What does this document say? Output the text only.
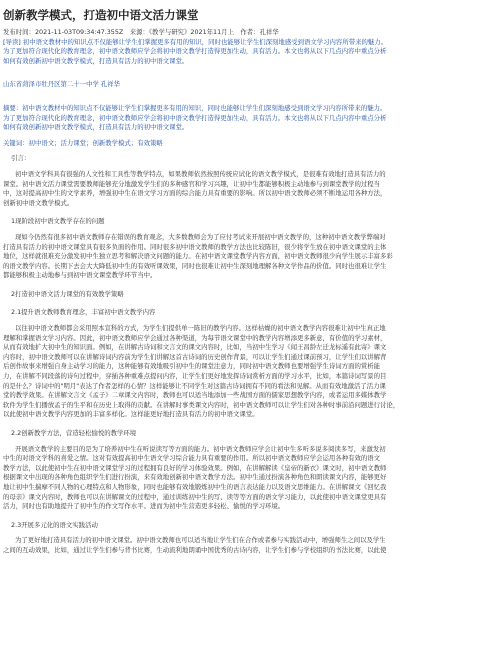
创新教学模式，打造初中语文活力课堂

发布时间：2021-11-03T09:34:47.355Z　来源：《教学与研究》2021年11月上　作者：孔祥华

[导读] 初中语文教材中的知识点不仅能够让学生们掌握更多有用的知识，同时也能够让学生们深刻地感受到语文学习内容所带来的魅力。

为了更加符合现代化的教育理念，初中语文教师应学会将初中语文教学打造得更加生动，具有活力。本文也将从以下几点内容中重点分析

如何有效创新初中语文教学模式，打造具有活力的初中语文课堂。

山东省菏泽市牡丹区第二十一中学 孔祥华

摘要：初中语文教材中的知识点不仅能够让学生们掌握更多有用的知识，同时也能够让学生们深刻地感受到语文学习内容所带来的魅力。

为了更加符合现代化的教育理念，初中语文教师应学会将初中语文教学打造得更加生动，具有活力。本文也将从以下几点内容中重点分析

如何有效创新初中语文教学模式，打造具有活力的初中语文课堂。

关键词：初中语文；活力课堂；创新教学模式；有效策略

引言：

初中语文学科具有很强的人文性和工具性等教学特点，如果教师依然按照传统应试化的语文教学模式，是很难有效地打造具有活力的

课堂。初中语文活力课堂需要教师能够充分地激发学生们的多种感官和学习兴趣，让初中生都能够积极主动地参与到课堂教学的过程当

中，这对提高初中生的文学素养，增强初中生在语文学习方面的综合能力具有重要的影响。所以初中语文教师必须不断地运用各种方法，

创新初中语文教学模式。

1现阶段初中语文教学存在的问题

现如今仍然有很多初中语文教师存在错误的教育观念，大多数教师会为了应付考试来开展初中语文教学的，这种初中语文教学弊端对

打造具有活力的初中语文课堂具有很多负面的作用。同时很多初中语文教师的教学方法也比较陈旧，很少将学生放在初中语文课堂的主体

地位，这样就很难充分激发初中生独立思考和解决语文问题的能力。在初中语文课堂教学内容方面，初中语文教师很少向学生展示丰富多彩

的语文教学内容。长期下去会大大降低初中生的有效听课效果，同时也很难让初中生深刻地理解各种文学作品的价值。同时也很难让学生

都能够积极主动地参与到初中语文课堂教学环节当中。

2打造初中语文活力课堂的有效教学策略

2.1提升语文教师教育理念，丰富初中语文教学内容

以往初中语文教师都会采用照本宣科的方式，为学生们提供单一陈旧的教学内容。这样枯燥的初中语文教学内容很难让初中生真正地

理解和掌握语文学习内容。因此，初中语文教师应学会通过各种渠道，为每节语文课堂中的教学内容增添更多新意，有价值的学习素材，

从而有效地扩大初中生的知识面。例如，在讲解古诗词和文言文的课文内容时，比如，当初中生学习《闻王昌龄左迁龙标遥有此寄》课文

内容时，初中语文教师可以在讲解诗词内容前为学生们讲解这首古诗词的历史创作背景，可以让学生们通过课前预习，让学生们以讲解背

后创作故事来增强自身主动学习的能力，这种能够有效地吸引初中生的课堂注意力，同时初中语文教师也要增强学生诗词方面的赏析能

力，在讲解不同段落的诗句过程中，穿插各种重难点提问内容，让学生们更好地发挥诗词赏析方面的学习水平，比如，本篇诗词写景的目

的是什么？诗词中的"明月"表达了作者怎样的心情？这样能够让不同学生对这篇古诗词拥有不同的看法和见解。从而有效地激活了活力课

堂的教学效果。在讲解文言文《孟子》二章课文内容时，教师也可以适当地添加一些战国方面的儒家思想教学内容，或者运用多媒体教学

软件为学生们播放孟子的生平和在历史上取得的贡献。在讲解时事类课文内容时，初中语文教师可以让学生们对各种时事前沿问题进行讨论，

以此使初中语文教学内容更加的丰富多样化。这样能更好地打造具有活力的初中语文课堂。

2.2创新教学方法，营造轻松愉悦的教学环境

开展语文教学的主要目的是为了培养初中生在听说读写等方面的能力。初中语文教师应学会让初中生多听多说多阅读多写，来激发初

中生的对语文学科的喜爱之情。这对有效提高初中生语文学习综合能力具有重要的作用。所以初中语文教师应学会运用各种有效的语文

教学方法，以此使初中生在初中语文课堂学习的过程拥有良好的学习体验效果。例如，在讲解解读《皇帝的新衣》课文时，初中语文教师

根据课文中出现的各种角色组织学生们进行扮演，来有效地创新初中语文教学方法。初中生通过扮演各种角色和朗读课文内容，能够更好

地让初中生揣摩不同人物的心理特点和人物形象，同时也能够有效地锻炼初中生的语言表达能力以及语文思维能力。在讲解课文《回忆我

的母亲》课文内容时，教师也可以在讲解课文的过程中，通过训练初中生的写、读等等方面的语文学习能力，以此使初中语文课堂更具有

活力，同时也有助地提升了初中生的作文写作水平。进而为初中生营造更多轻松、愉悦的学习环境。

2.3开展多元化的语文实践活动

为了更好地打造具有活力的初中语文课堂。初中语文教师也可以适当地让学生们在合作或者参与实践活动中，增强师生之间以及学生

之间的互动效果，比如，通过让学生们参与背书比赛，生动流利地朗诵中国优秀的古诗内容，让学生们参与学校组织的书法比赛，以此使
